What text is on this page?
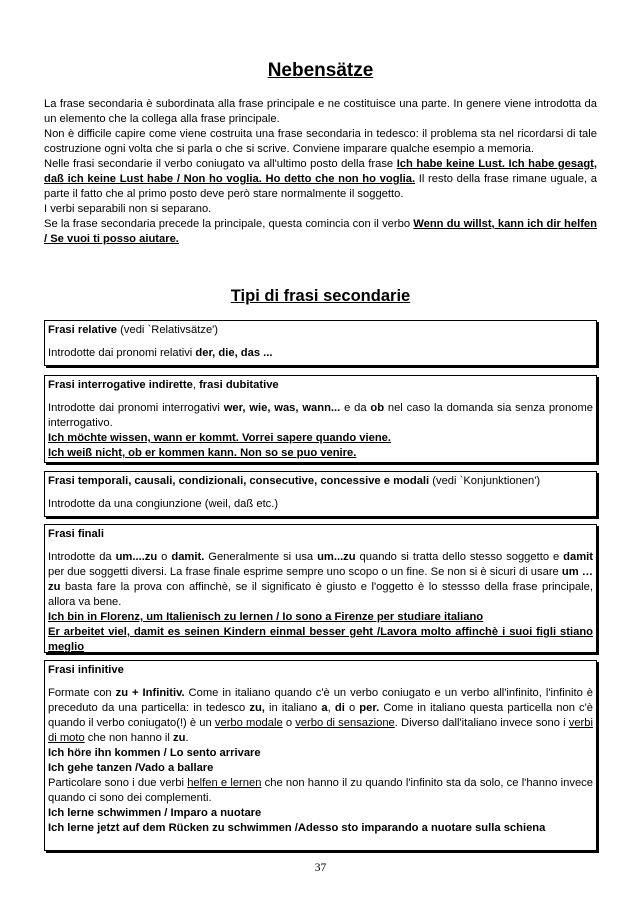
Nebensätze

La frase secondaria è subordinata alla frase principale e ne costituisce una parte. In genere viene introdotta da un elemento che la collega alla frase principale.

Non è difficile capire come viene costruita una frase secondaria in tedesco: il problema sta nel ricordarsi di tale costruzione ogni volta che si parla o che si scrive. Conviene imparare qualche esempio a memoria.

Nelle frasi secondarie il verbo coniugato va all'ultimo posto della frase Ich habe keine Lust. Ich habe gesagt, daß ich keine Lust habe / Non ho voglia. Ho detto che non ho voglia. Il resto della frase rimane uguale, a parte il fatto che al primo posto deve però stare normalmente il soggetto.

I verbi separabili non si separano.

Se la frase secondaria precede la principale, questa comincia con il verbo Wenn du willst, kann ich dir helfen / Se vuoi ti posso aiutare.

Tipi di frasi secondarie

Frasi relative (vedi `Relativsätze')

Introdotte dai pronomi relativi der, die, das ...

Frasi interrogative indirette, frasi dubitative

Introdotte dai pronomi interrogativi wer, wie, was, wann... e da ob nel caso la domanda sia senza pronome interrogativo.

Ich möchte wissen, wann er kommt. Vorrei sapere quando viene.

Ich weiß nicht, ob er kommen kann. Non so se puo venire.

Frasi temporali, causali, condizionali, consecutive, concessive e modali (vedi `Konjunktionen')

Introdotte da una congiunzione (weil, daß etc.)

Frasi finali

Introdotte da um....zu o damit. Generalmente si usa um...zu quando si tratta dello stesso soggetto e damit per due soggetti diversi. La frase finale esprime sempre uno scopo o un fine. Se non si è sicuri di usare um … zu basta fare la prova con affinchè, se il significato è giusto e l'oggetto è lo stessso della frase principale, allora va bene.

Ich bin in Florenz, um Italienisch zu lernen / Io sono a Firenze per studiare italiano

Er arbeitet viel, damit es seinen Kindern einmal besser geht /Lavora molto affinchè i suoi figli stiano meglio

Frasi infinitive

Formate con zu + Infinitiv. Come in italiano quando c'è un verbo coniugato e un verbo all'infinito, l'infinito è preceduto da una particella: in tedesco zu, in italiano a, di o per. Come in italiano questa particella non c'è quando il verbo coniugato(!) è un verbo modale o verbo di sensazione. Diverso dall'italiano invece sono i verbi di moto che non hanno il zu.

Ich höre ihn kommen / Lo sento arrivare

Ich gehe tanzen /Vado a ballare

Particolare sono i due verbi helfen e lernen che non hanno il zu quando l'infinito sta da solo, ce l'hanno invece quando ci sono dei complementi.

Ich lerne schwimmen / Imparo a nuotare

Ich lerne jetzt auf dem Rücken zu schwimmen /Adesso sto imparando a nuotare sulla schiena

37
